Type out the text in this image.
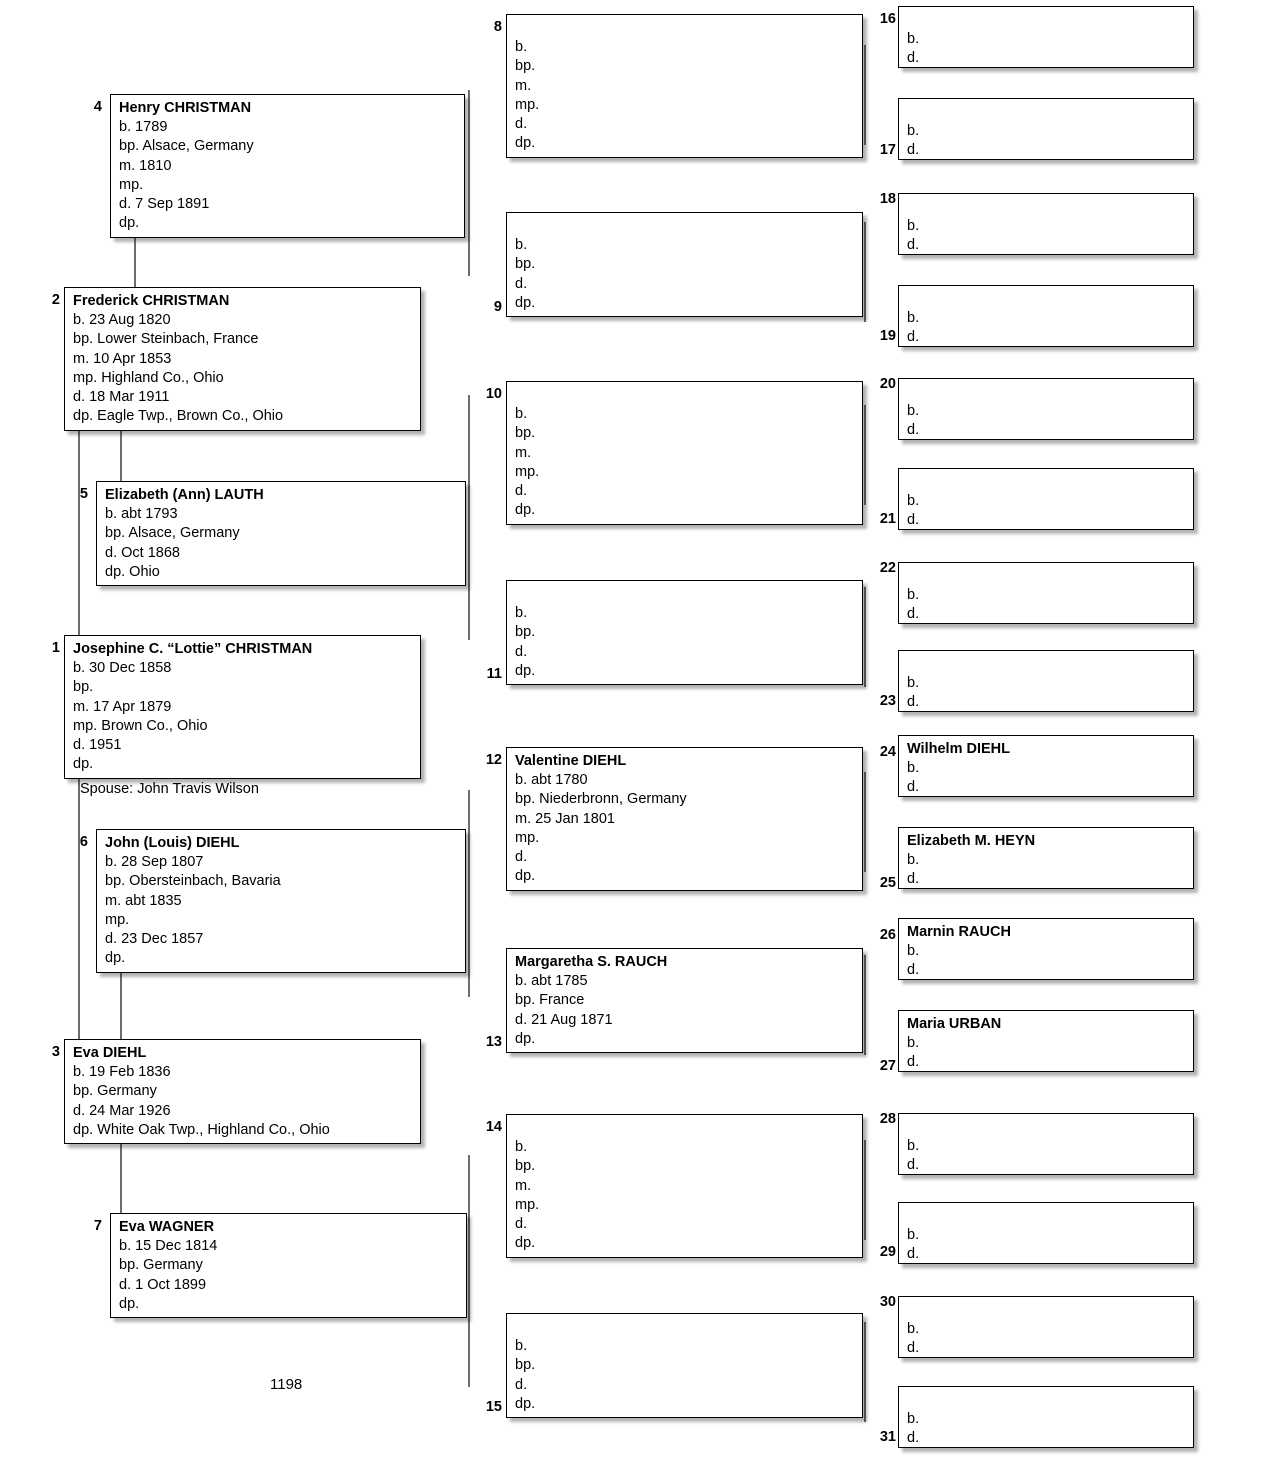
4 Henry CHRISTMAN
b. 1789
bp. Alsace, Germany
m. 1810
mp.
d. 7 Sep 1891
dp.
5 Elizabeth (Ann) LAUTH
b. abt 1793
bp. Alsace, Germany
d. Oct 1868
dp. Ohio
6 John (Louis) DIEHL
b. 28 Sep 1807
bp. Obersteinbach, Bavaria
m. abt 1835
mp.
d. 23 Dec 1857
dp.
7 Eva WAGNER
b. 15 Dec 1814
bp. Germany
d. 1 Oct 1899
dp.
2 Frederick CHRISTMAN
b. 23 Aug 1820
bp. Lower Steinbach, France
m. 10 Apr 1853
mp. Highland Co., Ohio
d. 18 Mar 1911
dp. Eagle Twp., Brown Co., Ohio
3 Eva DIEHL
b. 19 Feb 1836
bp. Germany
d. 24 Mar 1926
dp. White Oak Twp., Highland Co., Ohio
1 Josephine C. “Lottie” CHRISTMAN
b. 30 Dec 1858
bp.
m. 17 Apr 1879
mp. Brown Co., Ohio
d. 1951
dp.
Spouse: John Travis Wilson
8

b.
bp.
m.
mp.
d.
dp.
9

b.
bp.
d.
dp.
10

b.
bp.
m.
mp.
d.
dp.
11

b.
bp.
d.
dp.
12 Valentine DIEHL
b. abt 1780
bp. Niederbronn, Germany
m. 25 Jan 1801
mp.
d.
dp.
13
Margaretha S. RAUCH
b. abt 1785
bp. France
d. 21 Aug 1871
dp.
14

b.
bp.
m.
mp.
d.
dp.
15

b.
bp.
d.
dp.
16

b.
d.
17

b.
d.
18

b.
d.
19

b.
d.
20

b.
d.
21

b.
d.
22

b.
d.
23

b.
d.
24 Wilhelm DIEHL
b.
d.
25
Elizabeth M. HEYN
b.
d.
26 Marnin RAUCH
b.
d.
27
Maria URBAN
b.
d.
28

b.
d.
29

b.
d.
30

b.
d.
31

b.
d.
1198
